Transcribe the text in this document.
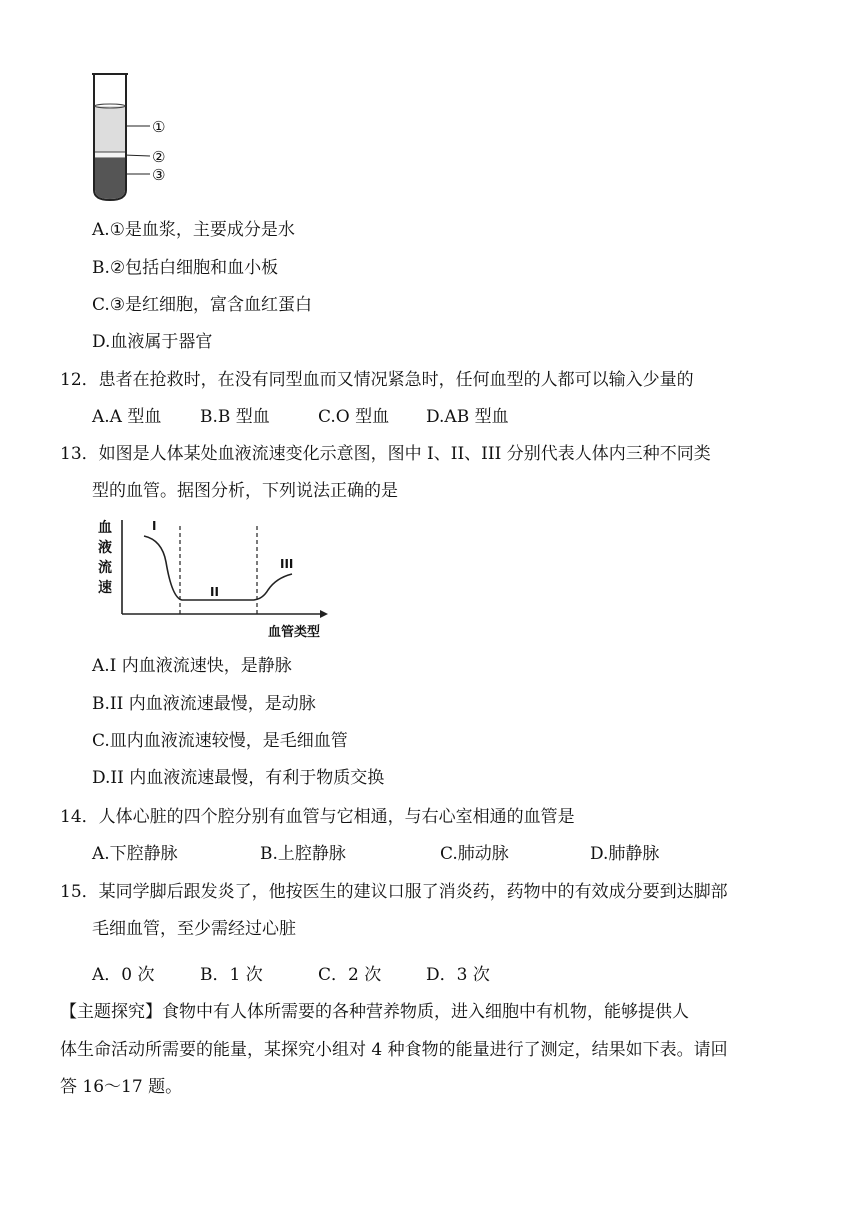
①
②
③
A.①是血浆，主要成分是水
B.②包括白细胞和血小板
C.③是红细胞，富含血红蛋白
D.血液属于器官
12．患者在抢救时，在没有同型血而又情况紧急时，任何血型的人都可以输入少量的
A.A 型血 B.B 型血	C.O 型血 D.AB 型血
13．如图是人体某处血液流速变化示意图，图中 I、II、III 分别代表人体内三种不同类
型的血管。据图分析，下列说法正确的是
血
液
流
速
I
II
III
血管类型
A.I 内血液流速快，是静脉
B.II 内血液流速最慢，是动脉
C.皿内血液流速较慢，是毛细血管
D.II 内血液流速最慢，有利于物质交换
14．人体心脏的四个腔分别有血管与它相通，与右心室相通的血管是
A.下腔静脉	B.上腔静脉	C.肺动脉	D.肺静脉
15．某同学脚后跟发炎了，他按医生的建议口服了消炎药，药物中的有效成分要到达脚部
毛细血管，至少需经过心脏
A．0 次	B．1 次	C．2 次	D．3 次
【主题探究】食物中有人体所需要的各种营养物质，进入细胞中有机物，能够提供人
体生命活动所需要的能量，某探究小组对 4 种食物的能量进行了测定，结果如下表。请回
答 16～17 题。
